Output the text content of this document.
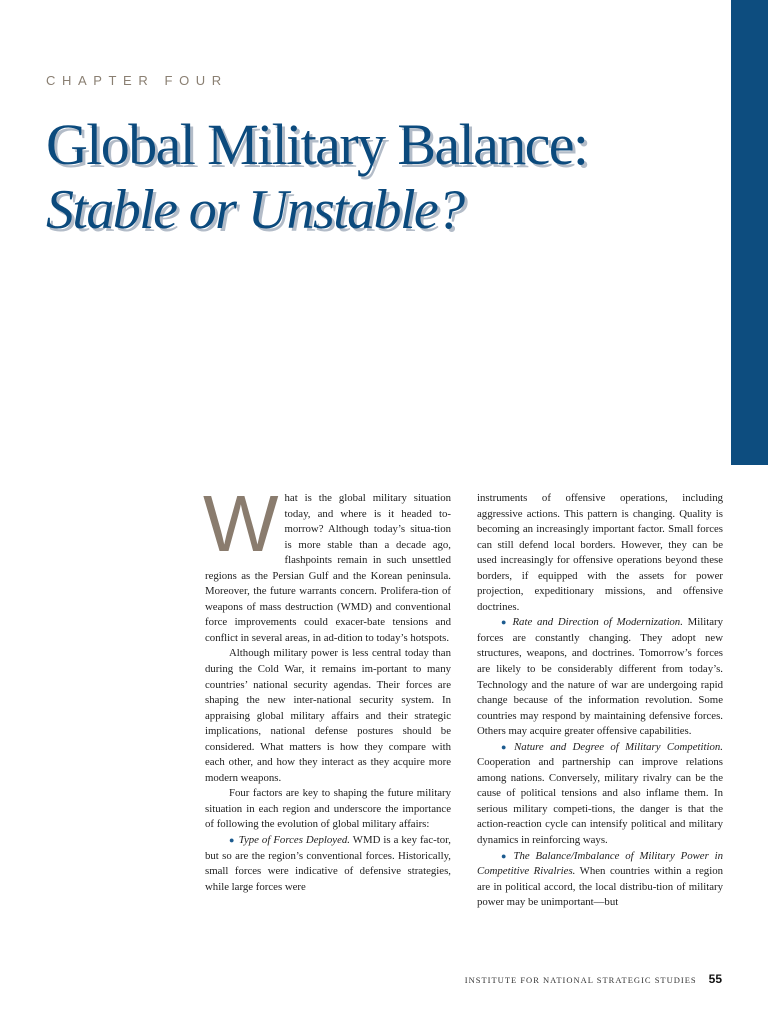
CHAPTER FOUR
Global Military Balance:
Stable or Unstable?

What is the global military situation today, and where is it headed to-morrow? Although today’s situa-tion is more stable than a decade ago, flashpoints remain in such unsettled regions as the Persian Gulf and the Korean peninsula. Moreover, the future warrants concern. Prolifera-tion of weapons of mass destruction (WMD) and conventional force improvements could exacer-bate tensions and conflict in several areas, in ad-dition to today’s hotspots.

Although military power is less central today than during the Cold War, it remains im-portant to many countries’ national security agendas. Their forces are shaping the new inter-national security system. In appraising global military affairs and their strategic implications, national defense postures should be considered. What matters is how they compare with each other, and how they interact as they acquire more modern weapons.

Four factors are key to shaping the future military situation in each region and underscore the importance of following the evolution of global military affairs:

● Type of Forces Deployed. WMD is a key fac-tor, but so are the region’s conventional forces. Historically, small forces were indicative of defensive strategies, while large forces were

instruments of offensive operations, including aggressive actions. This pattern is changing. Quality is becoming an increasingly important factor. Small forces can still defend local borders. However, they can be used increasingly for offensive operations beyond these borders, if equipped with the assets for power projection, expeditionary missions, and offensive doctrines.

● Rate and Direction of Modernization. Military forces are constantly changing. They adopt new structures, weapons, and doctrines. Tomorrow’s forces are likely to be considerably different from today’s. Technology and the nature of war are undergoing rapid change because of the information revolution. Some countries may respond by maintaining defensive forces. Others may acquire greater offensive capabilities.

● Nature and Degree of Military Competition. Cooperation and partnership can improve relations among nations. Conversely, military rivalry can be the cause of political tensions and also inflame them. In serious military competi-tions, the danger is that the action-reaction cycle can intensify political and military dynamics in reinforcing ways.

● The Balance/Imbalance of Military Power in Competitive Rivalries. When countries within a region are in political accord, the local distribu-tion of military power may be unimportant—but

INSTITUTE FOR NATIONAL STRATEGIC STUDIES 55
